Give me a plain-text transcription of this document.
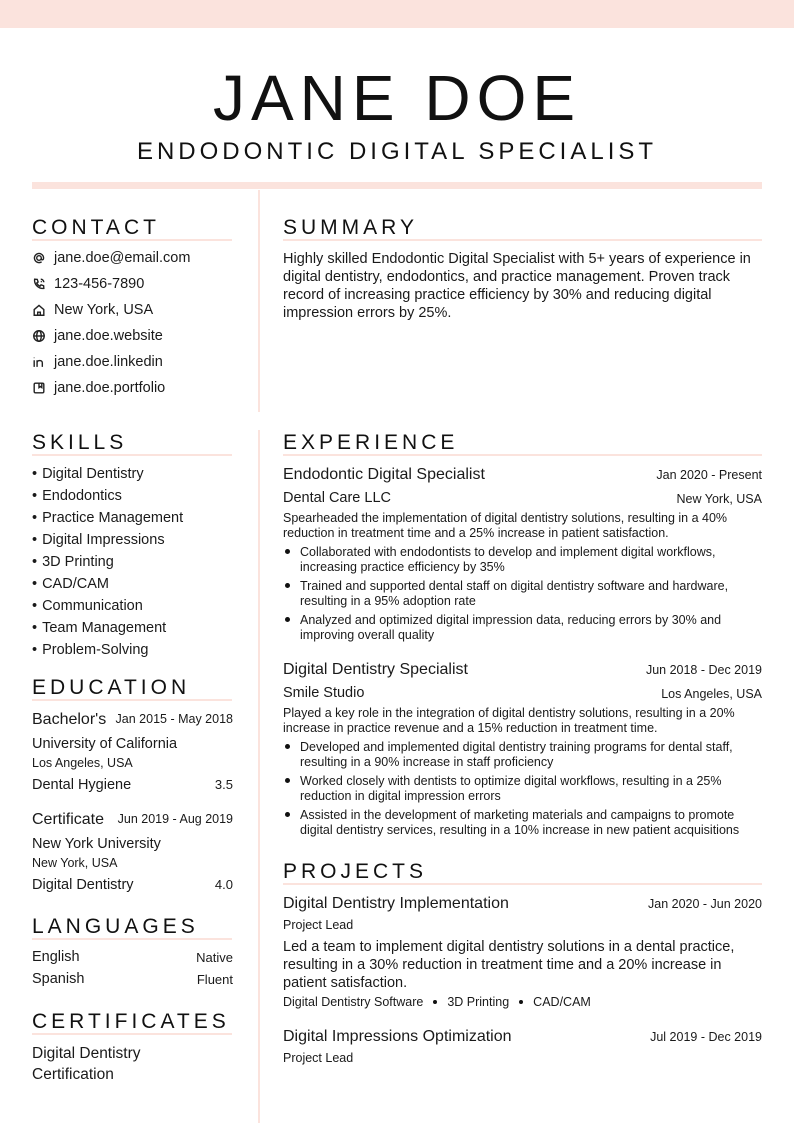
JANE DOE
ENDODONTIC DIGITAL SPECIALIST
CONTACT
jane.doe@email.com
123-456-7890
New York, USA
jane.doe.website
jane.doe.linkedin
jane.doe.portfolio
SUMMARY
Highly skilled Endodontic Digital Specialist with 5+ years of experience in digital dentistry, endodontics, and practice management. Proven track record of increasing practice efficiency by 30% and reducing digital impression errors by 25%.
SKILLS
• Digital Dentistry
• Endodontics
• Practice Management
• Digital Impressions
• 3D Printing
• CAD/CAM
• Communication
• Team Management
• Problem-Solving
EDUCATION
Bachelor's Jan 2015 - May 2018
University of California
Los Angeles, USA
Dental Hygiene	3.5
Certificate	Jun 2019 - Aug 2019
New York University
New York, USA
Digital Dentistry	4.0
LANGUAGES
English	Native
Spanish	Fluent
CERTIFICATES
Digital Dentistry
Certification
EXPERIENCE
Endodontic Digital Specialist	Jan 2020 - Present
Dental Care LLC	New York, USA
Spearheaded the implementation of digital dentistry solutions, resulting in a 40% reduction in treatment time and a 25% increase in patient satisfaction.
Collaborated with endodontists to develop and implement digital workflows, increasing practice efficiency by 35%
Trained and supported dental staff on digital dentistry software and hardware, resulting in a 95% adoption rate
Analyzed and optimized digital impression data, reducing errors by 30% and improving overall quality
Digital Dentistry Specialist	Jun 2018 - Dec 2019
Smile Studio	Los Angeles, USA
Played a key role in the integration of digital dentistry solutions, resulting in a 20% increase in practice revenue and a 15% reduction in treatment time.
Developed and implemented digital dentistry training programs for dental staff, resulting in a 90% increase in staff proficiency
Worked closely with dentists to optimize digital workflows, resulting in a 25% reduction in digital impression errors
Assisted in the development of marketing materials and campaigns to promote digital dentistry services, resulting in a 10% increase in new patient acquisitions
PROJECTS
Digital Dentistry Implementation	Jan 2020 - Jun 2020
Project Lead
Led a team to implement digital dentistry solutions in a dental practice, resulting in a 30% reduction in treatment time and a 20% increase in patient satisfaction.
Digital Dentistry Software 3D Printing CAD/CAM
Digital Impressions Optimization	Jul 2019 - Dec 2019
Project Lead
